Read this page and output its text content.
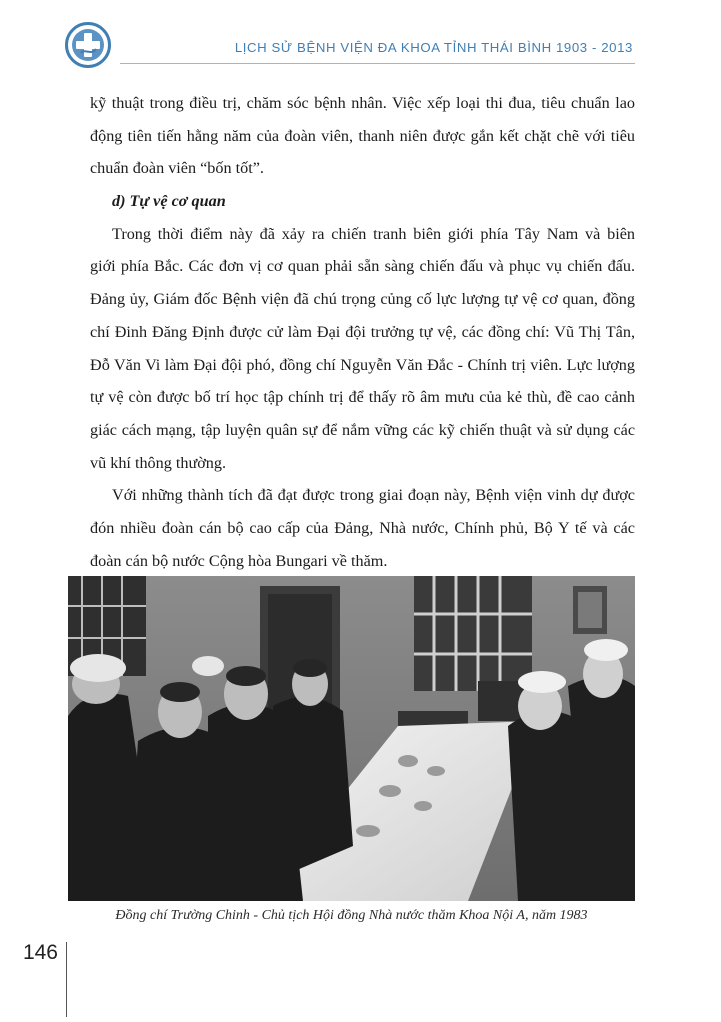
LỊCH SỬ BỆNH VIỆN ĐA KHOA TỈNH THÁI BÌNH 1903 - 2013
kỹ thuật trong điều trị, chăm sóc bệnh nhân. Việc xếp loại thi đua, tiêu chuẩn lao
động tiên tiến hằng năm của đoàn viên, thanh niên được gắn kết chặt chẽ với tiêu
chuẩn đoàn viên “bốn tốt”.
d) Tự vệ cơ quan
Trong thời điểm này đã xảy ra chiến tranh biên giới phía Tây Nam và biên
giới phía Bắc. Các đơn vị cơ quan phải sẵn sàng chiến đấu và phục vụ chiến đấu.
Đảng ủy, Giám đốc Bệnh viện đã chú trọng củng cố lực lượng tự vệ cơ quan, đồng
chí Đinh Đăng Định được cử làm Đại đội trưởng tự vệ, các đồng chí: Vũ Thị Tân,
Đỗ Văn Vi làm Đại đội phó, đồng chí Nguyễn Văn Đắc - Chính trị viên. Lực lượng
tự vệ còn được bố trí học tập chính trị để thấy rõ âm mưu của kẻ thù, đề cao cảnh
giác cách mạng, tập luyện quân sự để nắm vững các kỹ chiến thuật và sử dụng các
vũ khí thông thường.
Với những thành tích đã đạt được trong giai đoạn này, Bệnh viện vinh dự được
đón nhiều đoàn cán bộ cao cấp của Đảng, Nhà nước, Chính phủ, Bộ Y tế và các
đoàn cán bộ nước Cộng hòa Bungari về thăm.
Đồng chí Trường Chinh - Chủ tịch Hội đồng Nhà nước thăm Khoa Nội A, năm 1983
146
